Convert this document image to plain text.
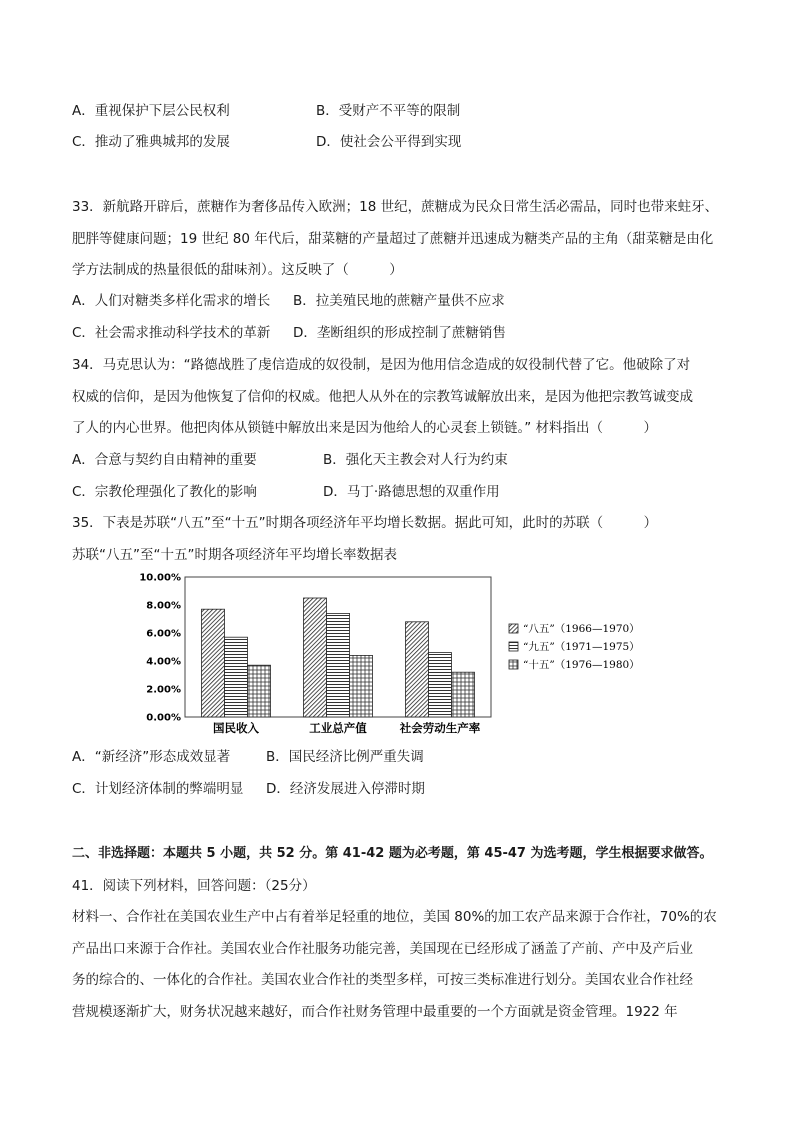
A．重视保护下层公民权利	B．受财产不平等的限制
C．推动了雅典城邦的发展	D．使社会公平得到实现
33．新航路开辟后，蔗糖作为奢侈品传入欧洲；18 世纪，蔗糖成为民众日常生活必需品，同时也带来蛀牙、
肥胖等健康问题；19 世纪 80 年代后，甜菜糖的产量超过了蔗糖并迅速成为糖类产品的主角（甜菜糖是由化
学方法制成的热量很低的甜味剂）。这反映了（　　　）
A．人们对糖类多样化需求的增长 B．拉美殖民地的蔗糖产量供不应求
C．社会需求推动科学技术的革新 D．垄断组织的形成控制了蔗糖销售
34．马克思认为：“路德战胜了虔信造成的奴役制，是因为他用信念造成的奴役制代替了它。他破除了对
权威的信仰，是因为他恢复了信仰的权威。他把人从外在的宗教笃诚解放出来，是因为他把宗教笃诚变成
了人的内心世界。他把肉体从锁链中解放出来是因为他给人的心灵套上锁链。” 材料指出（　　　）
A．合意与契约自由精神的重要	B．强化天主教会对人行为约束
C．宗教伦理强化了教化的影响	D．马丁·路德思想的双重作用
35．下表是苏联“八五”至“十五”时期各项经济年平均增长数据。据此可知，此时的苏联（　　　）
苏联“八五”至“十五”时期各项经济年平均增长率数据表
0.00%
2.00%
4.00%
6.00%
8.00%
10.00%
国民收入	工业总产值	社会劳动生产率
“八五”（1966—1970）
“九五”（1971—1975）
“十五”（1976—1980）
A．“新经济”形态成效显著	B．国民经济比例严重失调
C．计划经济体制的弊端明显 D．经济发展进入停滞时期
二、非选择题：本题共 5 小题，共 52 分。第 41-42 题为必考题，第 45-47 为选考题，学生根据要求做答。
41．阅读下列材料，回答问题：（25分）
材料一、合作社在美国农业生产中占有着举足轻重的地位，美国 80%的加工农产品来源于合作社，70%的农
产品出口来源于合作社。美国农业合作社服务功能完善，美国现在已经形成了涵盖了产前、产中及产后业
务的综合的、一体化的合作社。美国农业合作社的类型多样，可按三类标准进行划分。美国农业合作社经
营规模逐渐扩大，财务状况越来越好，而合作社财务管理中最重要的一个方面就是资金管理。1922 年
